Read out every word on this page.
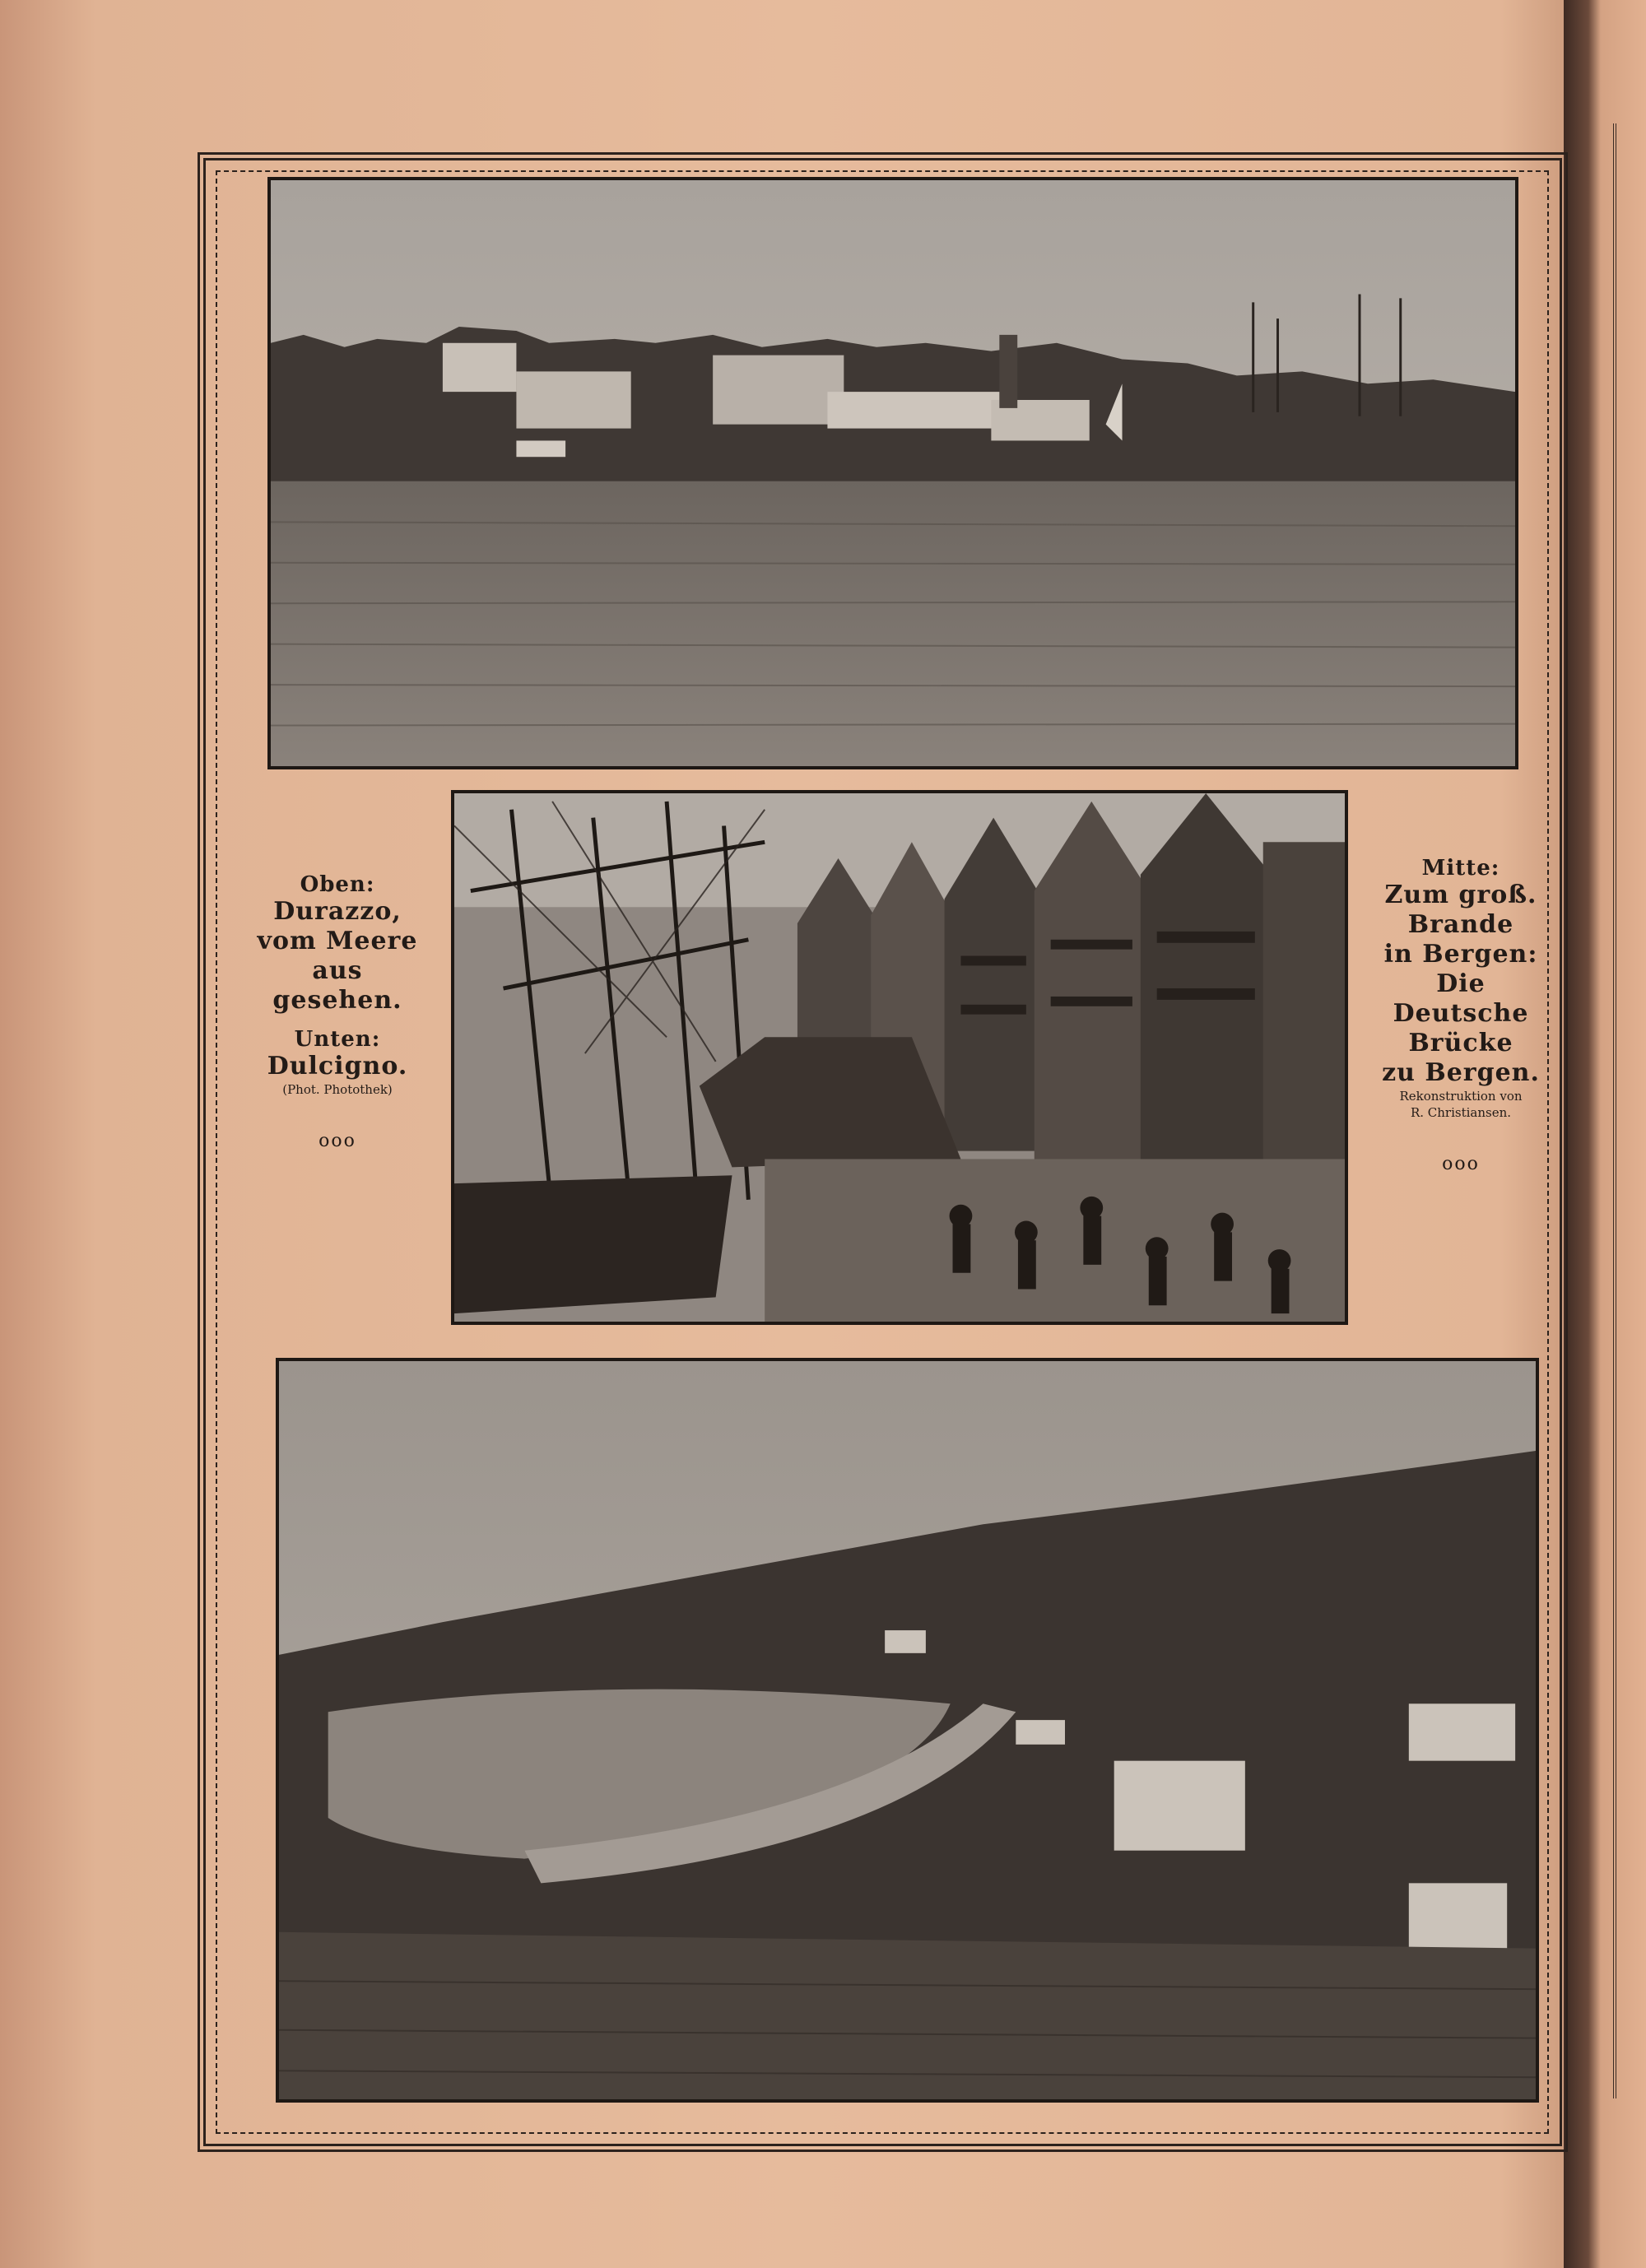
Oben:
Durazzo,
vom Meere aus
gesehen.
Unten:
Dulcigno.
(Phot. Photothek)
ooo
Mitte:
Zum groß. Brande
in Bergen:
Die
Deutsche Brücke
zu Bergen.
Rekonstruktion von
R. Christiansen.
ooo
